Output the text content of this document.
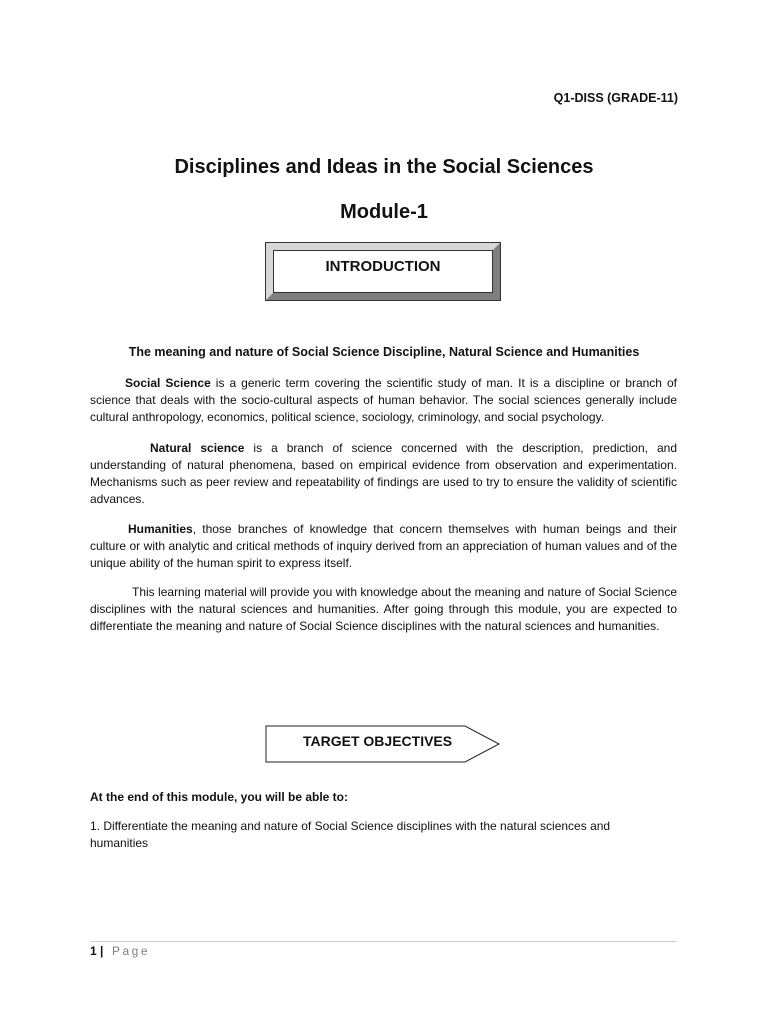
Q1-DISS (GRADE-11)
Disciplines and Ideas in the Social Sciences
Module-1
INTRODUCTION
The meaning and nature of Social Science Discipline, Natural Science and Humanities
Social Science is a generic term covering the scientific study of man. It is a discipline or branch of science that deals with the socio-cultural aspects of human behavior. The social sciences generally include cultural anthropology, economics, political science, sociology, criminology, and social psychology.
Natural science is a branch of science concerned with the description, prediction, and understanding of natural phenomena, based on empirical evidence from observation and experimentation. Mechanisms such as peer review and repeatability of findings are used to try to ensure the validity of scientific advances.
Humanities, those branches of knowledge that concern themselves with human beings and their culture or with analytic and critical methods of inquiry derived from an appreciation of human values and of the unique ability of the human spirit to express itself.
This learning material will provide you with knowledge about the meaning and nature of Social Science disciplines with the natural sciences and humanities. After going through this module, you are expected to differentiate the meaning and nature of Social Science disciplines with the natural sciences and humanities.
TARGET OBJECTIVES
At the end of this module, you will be able to:
1. Differentiate the meaning and nature of Social Science disciplines with the natural sciences and humanities
1 | Page
